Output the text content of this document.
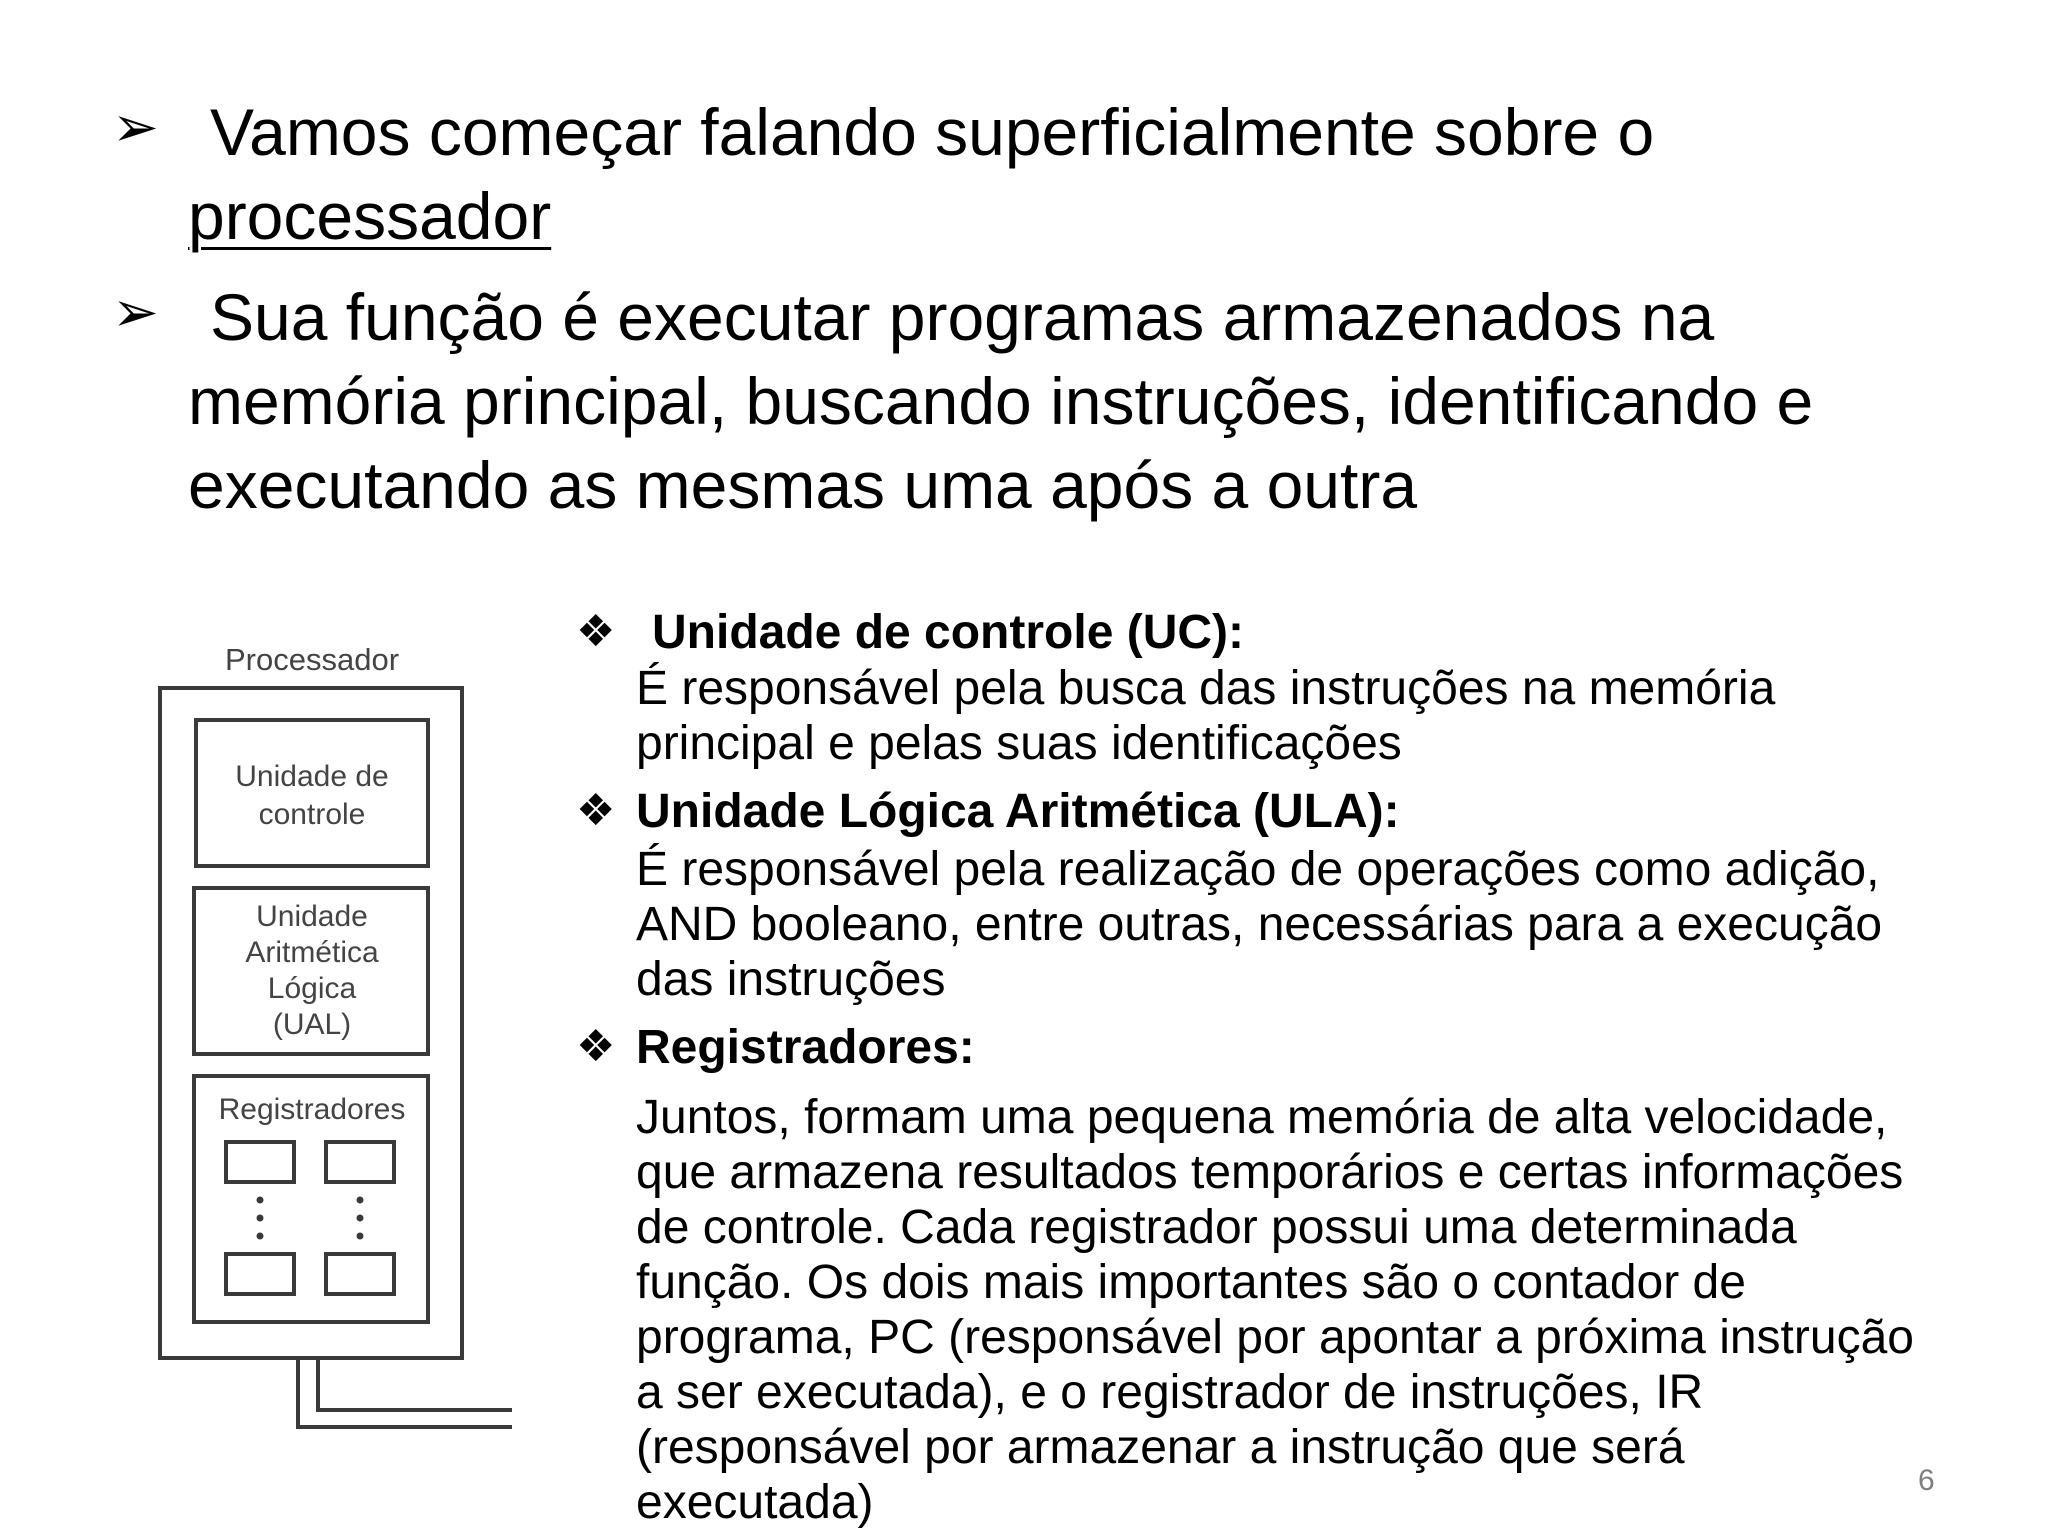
➢ Vamos começar falando superficialmente sobre o
processador
➢ Sua função é executar programas armazenados na
memória principal, buscando instruções, identificando e
executando as mesmas uma após a outra
Processador
Unidade de
controle
Unidade
Aritmética
Lógica
(UAL)
Registradores
❖ Unidade de controle (UC):
É responsável pela busca das instruções na memória
principal e pelas suas identificações
❖ Unidade Lógica Aritmética (ULA):
É responsável pela realização de operações como adição,
AND booleano, entre outras, necessárias para a execução
das instruções
❖ Registradores:
Juntos, formam uma pequena memória de alta velocidade,
que armazena resultados temporários e certas informações
de controle. Cada registrador possui uma determinada
função. Os dois mais importantes são o contador de
programa, PC (responsável por apontar a próxima instrução
a ser executada), e o registrador de instruções, IR
(responsável por armazenar a instrução que será
executada)	6
